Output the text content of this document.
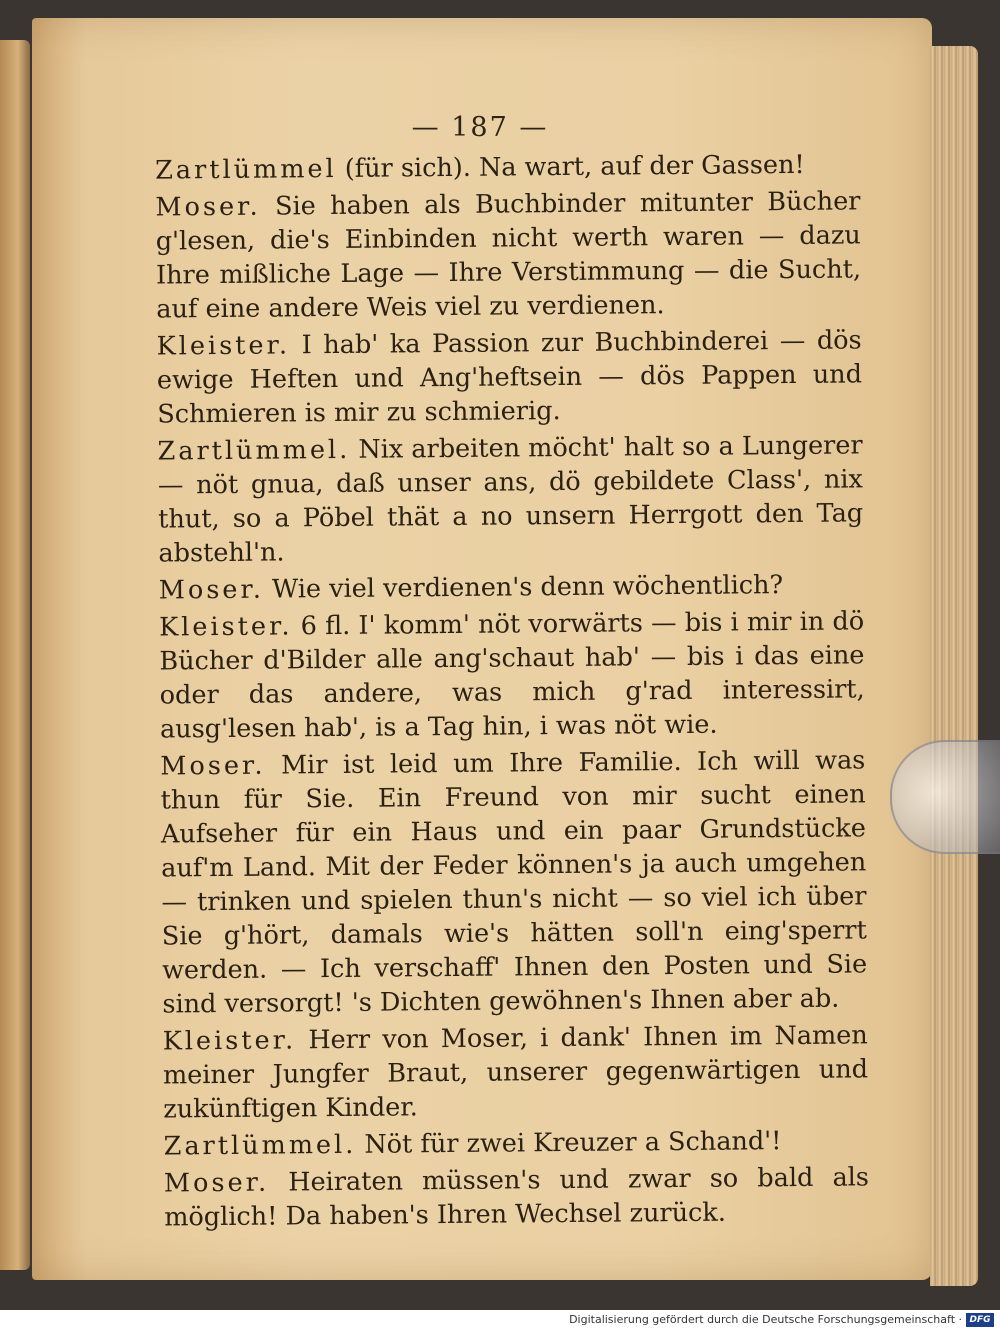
— 187 —

Zartlümmel (für sich). Na wart, auf der Gassen!

Moser. Sie haben als Buchbinder mitunter Bücher g'lesen, die's Einbinden nicht werth waren — dazu Ihre mißliche Lage — Ihre Verstimmung — die Sucht, auf eine andere Weis viel zu verdienen.

Kleister. I hab' ka Passion zur Buchbinderei — dös ewige Heften und Ang'heftsein — dös Pappen und Schmieren is mir zu schmierig.

Zartlümmel. Nix arbeiten möcht' halt so a Lungerer — nöt gnua, daß unser ans, dö gebildete Class', nix thut, so a Pöbel thät a no unsern Herrgott den Tag abstehl'n.

Moser. Wie viel verdienen's denn wöchentlich?

Kleister. 6 fl. I' komm' nöt vorwärts — bis i mir in dö Bücher d'Bilder alle ang'schaut hab' — bis i das eine oder das andere, was mich g'rad interessirt, ausg'lesen hab', is a Tag hin, i was nöt wie.

Moser. Mir ist leid um Ihre Familie. Ich will was thun für Sie. Ein Freund von mir sucht einen Aufseher für ein Haus und ein paar Grundstücke auf'm Land. Mit der Feder können's ja auch umgehen — trinken und spielen thun's nicht — so viel ich über Sie g'hört, damals wie's hätten soll'n eing'sperrt werden. — Ich verschaff' Ihnen den Posten und Sie sind versorgt! 's Dichten gewöhnen's Ihnen aber ab.

Kleister. Herr von Moser, i dank' Ihnen im Namen meiner Jungfer Braut, unserer gegenwärtigen und zukünftigen Kinder.

Zartlümmel. Nöt für zwei Kreuzer a Schand'!

Moser. Heiraten müssen's und zwar so bald als möglich! Da haben's Ihren Wechsel zurück.

Digitalisierung gefördert durch die Deutsche Forschungsgemeinschaft · DFG
